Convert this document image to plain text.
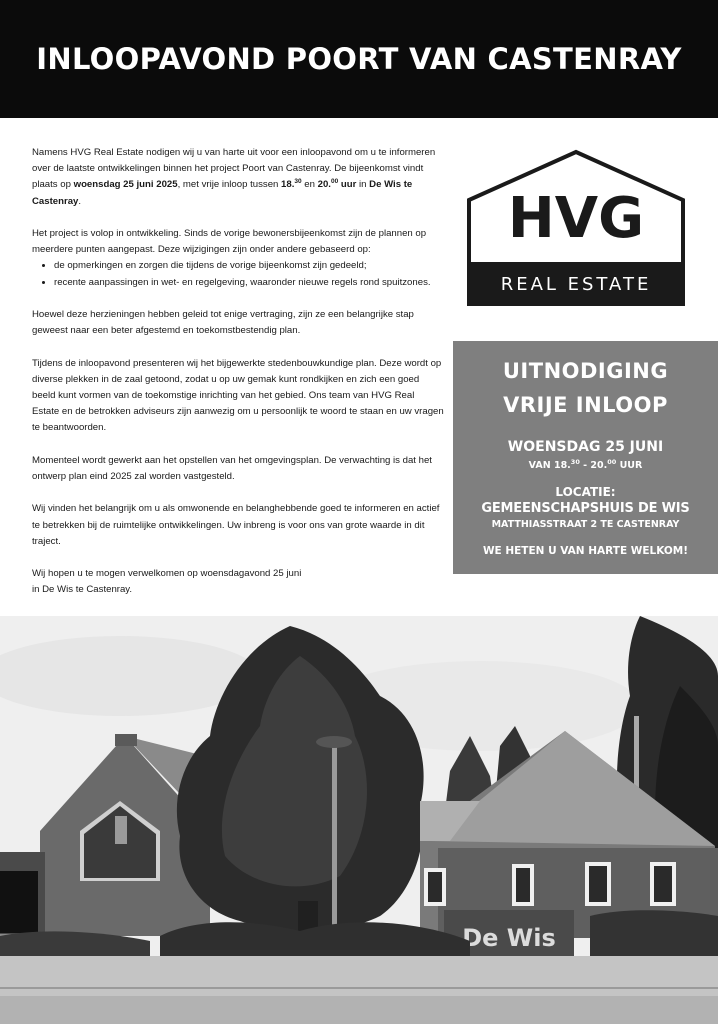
INLOOPAVOND POORT VAN CASTENRAY

Namens HVG Real Estate nodigen wij u van harte uit voor een inloopavond om u te informeren over de laatste ontwikkelingen binnen het project Poort van Castenray. De bijeenkomst vindt plaats op woensdag 25 juni 2025, met vrije inloop tussen 18.30 en 20.00 uur in De Wis te Castenray.

Het project is volop in ontwikkeling. Sinds de vorige bewonersbijeenkomst zijn de plannen op meerdere punten aangepast. Deze wijzigingen zijn onder andere gebaseerd op:

• de opmerkingen en zorgen die tijdens de vorige bijeenkomst zijn gedeeld;
• recente aanpassingen in wet- en regelgeving, waaronder nieuwe regels rond spuitzones.

Hoewel deze herzieningen hebben geleid tot enige vertraging, zijn ze een belangrijke stap geweest naar een beter afgestemd en toekomstbestendig plan.

Tijdens de inloopavond presenteren wij het bijgewerkte stedenbouwkundige plan. Deze wordt op diverse plekken in de zaal getoond, zodat u op uw gemak kunt rondkijken en zich een goed beeld kunt vormen van de toekomstige inrichting van het gebied. Ons team van HVG Real Estate en de betrokken adviseurs zijn aanwezig om u persoonlijk te woord te staan en uw vragen te beantwoorden.

Momenteel wordt gewerkt aan het opstellen van het omgevingsplan. De verwachting is dat het ontwerp plan eind 2025 zal worden vastgesteld.

Wij vinden het belangrijk om u als omwonende en belanghebbende goed te informeren en actief te betrekken bij de ruimtelijke ontwikkelingen. Uw inbreng is voor ons van grote waarde in dit traject.

Wij hopen u te mogen verwelkomen op woensdagavond 25 juni
in De Wis te Castenray.

HVG
REAL ESTATE
UITNODIGING
VRIJE INLOOP
WOENSDAG 25 JUNI
VAN 18.30 - 20.00 UUR
LOCATIE:
GEMEENSCHAPSHUIS DE WIS
MATTHIASSTRAAT 2 TE CASTENRAY
WE HETEN U VAN HARTE WELKOM!
De Wis
